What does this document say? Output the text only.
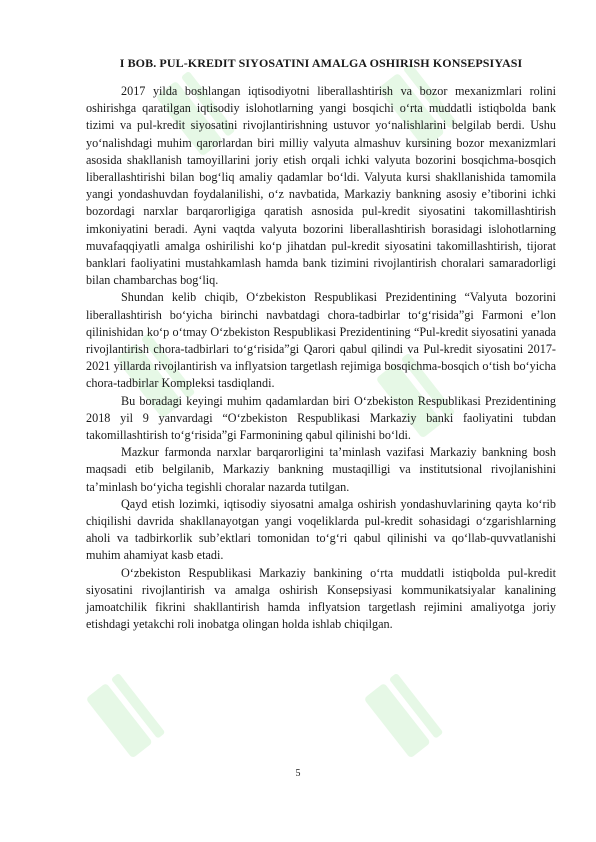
I BOB. PUL-KREDIT SIYOSATINI AMALGA OSHIRISH KONSEPSIYASI

2017 yilda boshlangan iqtisodiyotni liberallashtirish va bozor mexanizmlari rolini oshirishga qaratilgan iqtisodiy islohotlarning yangi bosqichi o‘rta muddatli istiqbolda bank tizimi va pul-kredit siyosatini rivojlantirishning ustuvor yo‘nalishlarini belgilab berdi. Ushu yo‘nalishdagi muhim qarorlardan biri milliy valyuta almashuv kursining bozor mexanizmlari asosida shakllanish tamoyillarini joriy etish orqali ichki valyuta bozorini bosqichma-bosqich liberallashtirishi bilan bog‘liq amaliy qadamlar bo‘ldi. Valyuta kursi shakllanishida tamomila yangi yondashuvdan foydalanilishi, o‘z navbatida, Markaziy bankning asosiy e’tiborini ichki bozordagi narxlar barqarorligiga qaratish asnosida pul-kredit siyosatini takomillashtirish imkoniyatini beradi. Ayni vaqtda valyuta bozorini liberallashtirish borasidagi islohotlarning muvafaqqiyatli amalga oshirilishi ko‘p jihatdan pul-kredit siyosatini takomillashtirish, tijorat banklari faoliyatini mustahkamlash hamda bank tizimini rivojlantirish choralari samaradorligi bilan chambarchas bog‘liq.

Shundan kelib chiqib, O‘zbekiston Respublikasi Prezidentining “Valyuta bozorini liberallashtirish bo‘yicha birinchi navbatdagi chora-tadbirlar to‘g‘risida”gi Farmoni e’lon qilinishidan ko‘p o‘tmay O‘zbekiston Respublikasi Prezidentining “Pul-kredit siyosatini yanada rivojlantirish chora-tadbirlari to‘g‘risida”gi Qarori qabul qilindi va Pul-kredit siyosatini 2017-2021 yillarda rivojlantirish va inflyatsion targetlash rejimiga bosqichma-bosqich o‘tish bo‘yicha chora-tadbirlar Kompleksi tasdiqlandi.

Bu boradagi keyingi muhim qadamlardan biri O‘zbekiston Respublikasi Prezidentining 2018 yil 9 yanvardagi “O‘zbekiston Respublikasi Markaziy banki faoliyatini tubdan takomillashtirish to‘g‘risida”gi Farmonining qabul qilinishi bo‘ldi.

Mazkur farmonda narxlar barqarorligini ta’minlash vazifasi Markaziy bankning bosh maqsadi etib belgilanib, Markaziy bankning mustaqilligi va institutsional rivojlanishini ta’minlash bo‘yicha tegishli choralar nazarda tutilgan.

Qayd etish lozimki, iqtisodiy siyosatni amalga oshirish yondashuvlarining qayta ko‘rib chiqilishi davrida shakllanayotgan yangi voqeliklarda pul-kredit sohasidagi o‘zgarishlarning aholi va tadbirkorlik sub’ektlari tomonidan to‘g‘ri qabul qilinishi va qo‘llab-quvvatlanishi muhim ahamiyat kasb etadi.

O‘zbekiston Respublikasi Markaziy bankining o‘rta muddatli istiqbolda pul-kredit siyosatini rivojlantirish va amalga oshirish Konsepsiyasi kommunikatsiyalar kanalining jamoatchilik fikrini shakllantirish hamda inflyatsion targetlash rejimini amaliyotga joriy etishdagi yetakchi roli inobatga olingan holda ishlab chiqilgan.

5
